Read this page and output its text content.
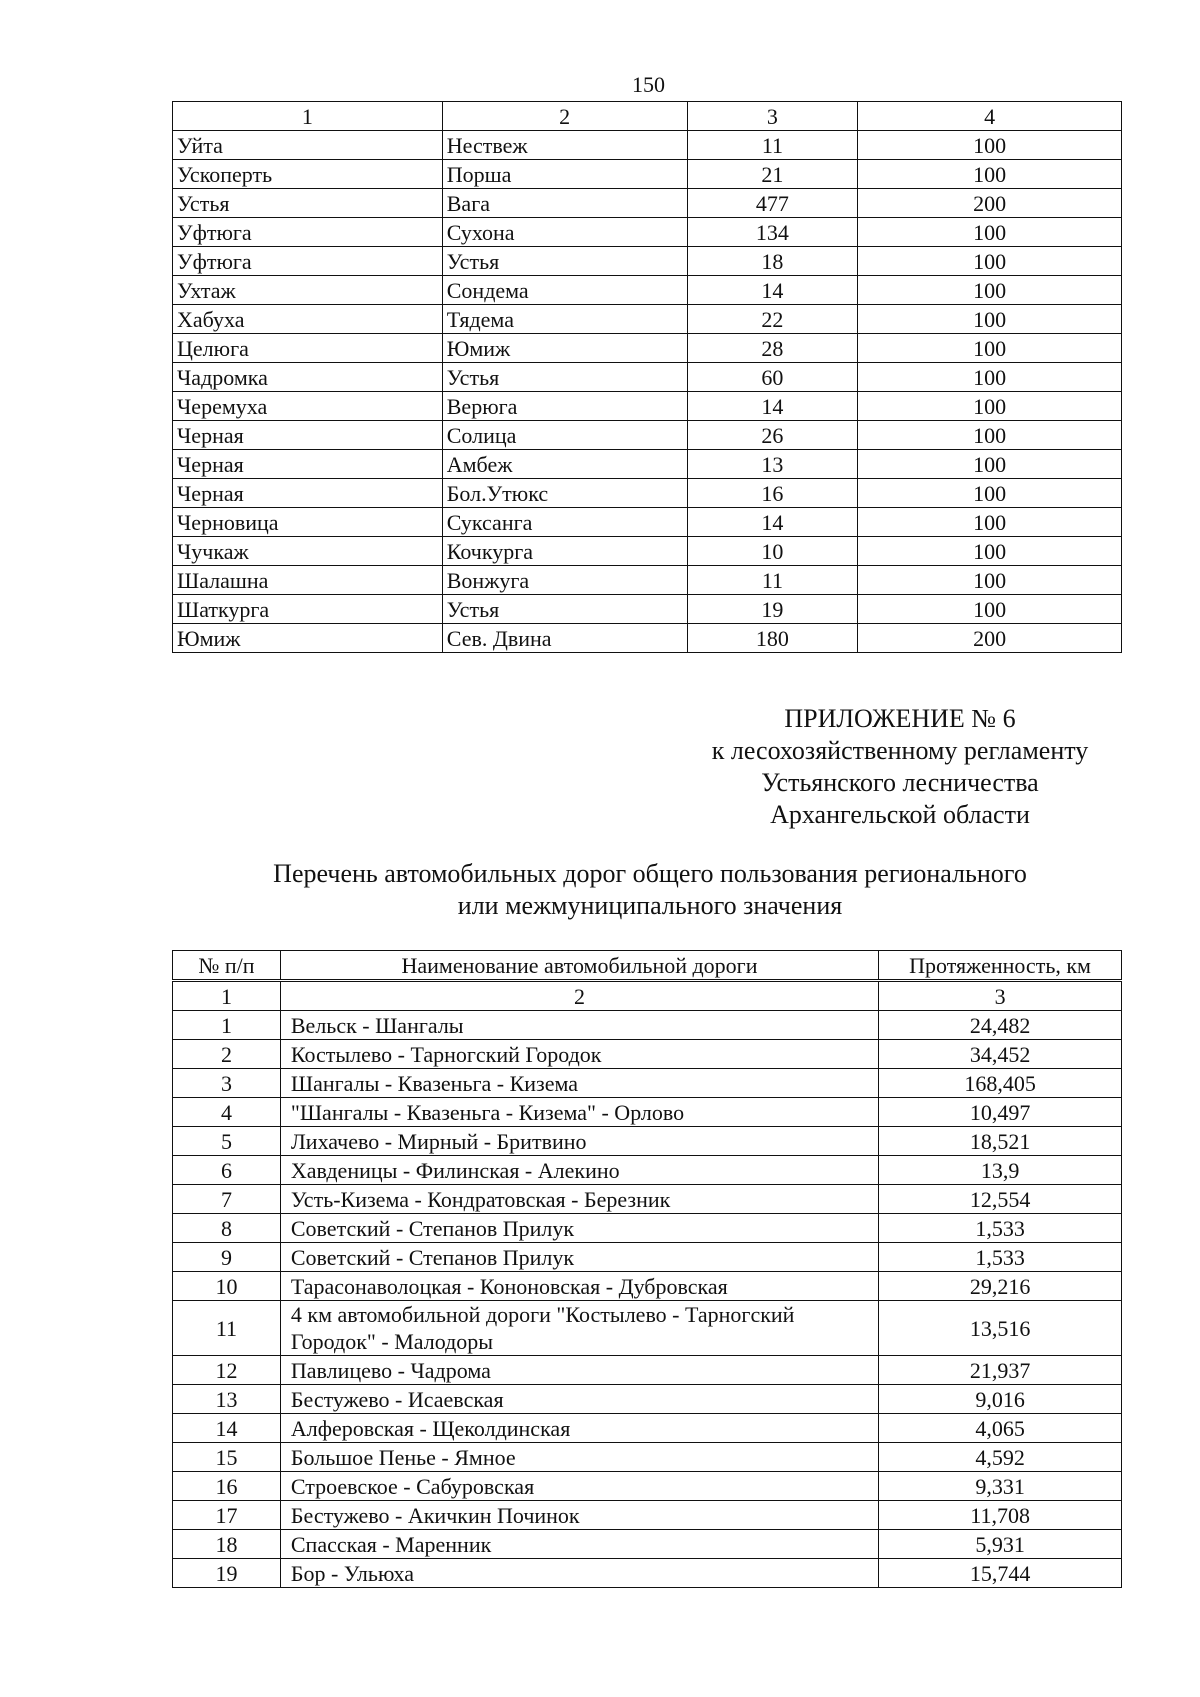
150
1	2	3	4
Уйта	Нествеж	11	100
Ускоперть	Порша	21	100
Устья	Вага	477	200
Уфтюга	Сухона	134	100
Уфтюга	Устья	18	100
Ухтаж	Сондема	14	100
Хабуха	Тядема	22	100
Целюга	Юмиж	28	100
Чадромка	Устья	60	100
Черемуха	Верюга	14	100
Черная	Солица	26	100
Черная	Амбеж	13	100
Черная	Бол.Утюкс	16	100
Черновица	Суксанга	14	100
Чучкаж	Кочкурга	10	100
Шалашна	Вонжуга	11	100
Шаткурга	Устья	19	100
Юмиж	Сев. Двина	180	200
ПРИЛОЖЕНИЕ № 6
к лесохозяйственному регламенту
Устьянского лесничества
Архангельской области
Перечень автомобильных дорог общего пользования регионального
или межмуниципального значения
№ п/п	Наименование автомобильной дороги	Протяженность, км
1	2	3
1	Вельск - Шангалы	24,482
2	Костылево - Тарногский Городок	34,452
3	Шангалы - Квазеньга - Кизема	168,405
4	"Шангалы - Квазеньга - Кизема" - Орлово	10,497
5	Лихачево - Мирный - Бритвино	18,521
6	Хавденицы - Филинская - Алекино	13,9
7	Усть-Кизема - Кондратовская - Березник	12,554
8	Советский - Степанов Прилук	1,533
9	Советский - Степанов Прилук	1,533
10	Тарасонаволоцкая - Кононовская - Дубровская	29,216
11	4 км автомобильной дороги "Костылево - Тарногский Городок" - Малодоры	13,516
12	Павлицево - Чадрома	21,937
13	Бестужево - Исаевская	9,016
14	Алферовская - Щеколдинская	4,065
15	Большое Пенье - Ямное	4,592
16	Строевское - Сабуровская	9,331
17	Бестужево - Акичкин Починок	11,708
18	Спасская - Маренник	5,931
19	Бор - Ульюха	15,744
